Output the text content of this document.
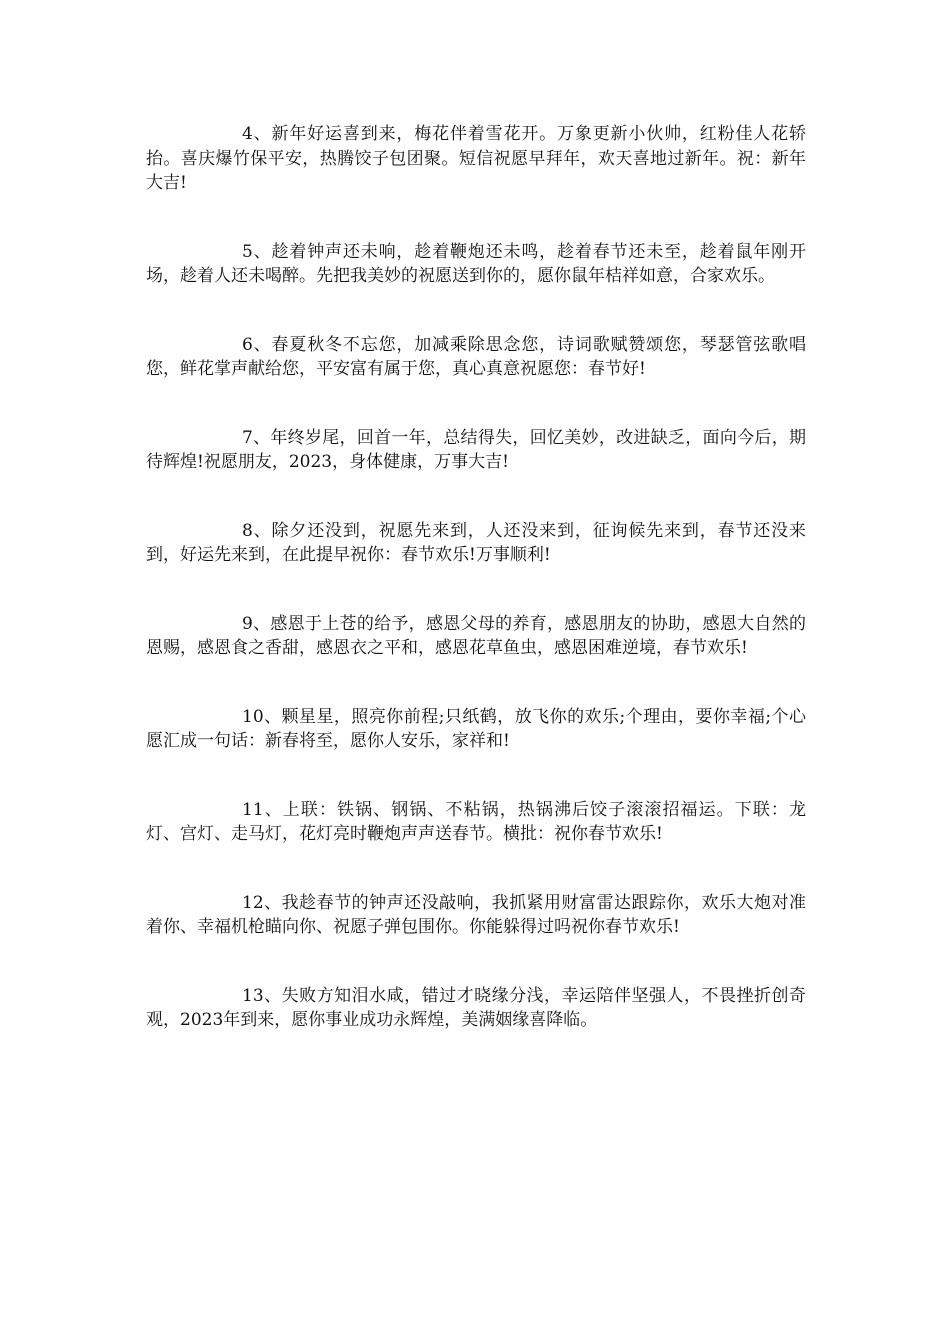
4、新年好运喜到来，梅花伴着雪花开。万象更新小伙帅，红粉佳人花轿抬。喜庆爆竹保平安，热腾饺子包团聚。短信祝愿早拜年，欢天喜地过新年。祝：新年大吉!

5、趁着钟声还未响，趁着鞭炮还未鸣，趁着春节还未至，趁着鼠年刚开场，趁着人还未喝醉。先把我美妙的祝愿送到你的，愿你鼠年桔祥如意，合家欢乐。

6、春夏秋冬不忘您，加减乘除思念您，诗词歌赋赞颂您，琴瑟管弦歌唱您，鲜花掌声献给您，平安富有属于您，真心真意祝愿您：春节好!

7、年终岁尾，回首一年，总结得失，回忆美妙，改进缺乏，面向今后，期待辉煌!祝愿朋友，2023，身体健康，万事大吉!

8、除夕还没到，祝愿先来到，人还没来到，征询候先来到，春节还没来到，好运先来到，在此提早祝你：春节欢乐!万事顺利!

9、感恩于上苍的给予，感恩父母的养育，感恩朋友的协助，感恩大自然的恩赐，感恩食之香甜，感恩衣之平和，感恩花草鱼虫，感恩困难逆境，春节欢乐!

10、颗星星，照亮你前程;只纸鹤，放飞你的欢乐;个理由，要你幸福;个心愿汇成一句话：新春将至，愿你人安乐，家祥和!

11、上联：铁锅、钢锅、不粘锅，热锅沸后饺子滚滚招福运。下联：龙灯、宫灯、走马灯，花灯亮时鞭炮声声送春节。横批：祝你春节欢乐!

12、我趁春节的钟声还没敲响，我抓紧用财富雷达跟踪你，欢乐大炮对准着你、幸福机枪瞄向你、祝愿子弹包围你。你能躲得过吗祝你春节欢乐!

13、失败方知泪水咸，错过才晓缘分浅，幸运陪伴坚强人，不畏挫折创奇观，2023年到来，愿你事业成功永辉煌，美满姻缘喜降临。
